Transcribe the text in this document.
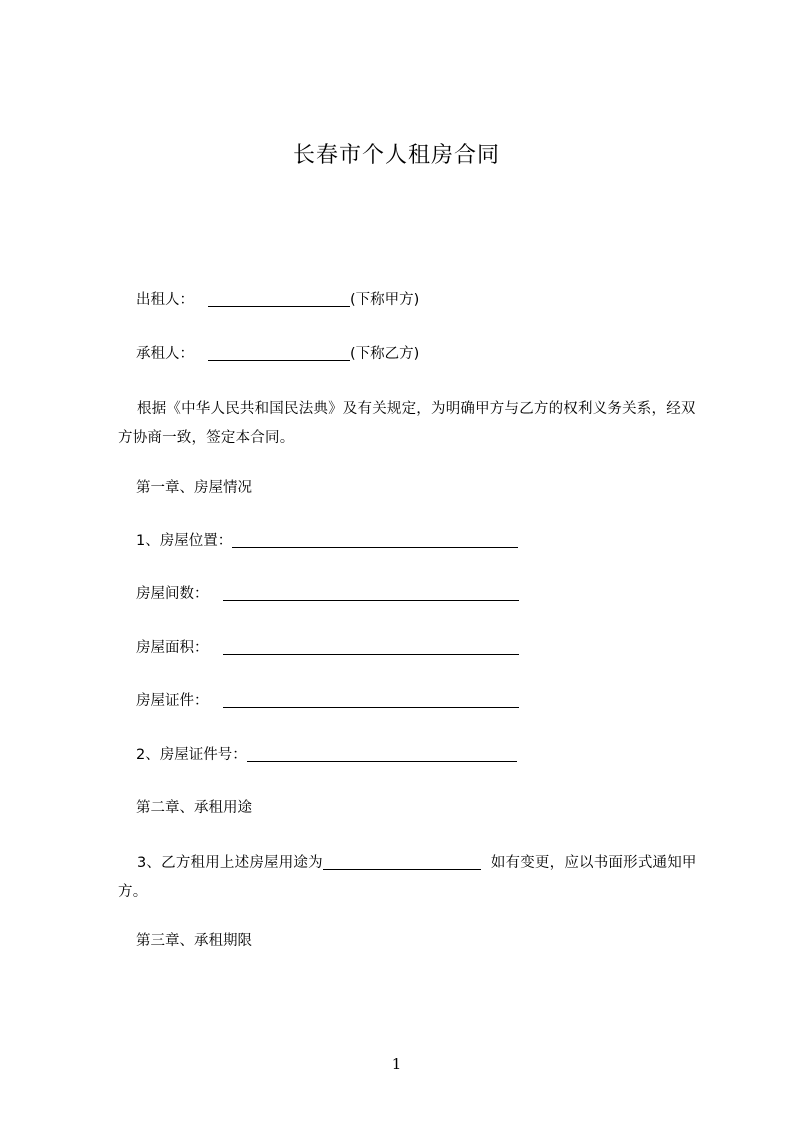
长春市个人租房合同
出租人：	(下称甲方)
承租人：	(下称乙方)
根据《中华人民共和国民法典》及有关规定，为明确甲方与乙方的权利义务关系，经双方协商一致，签定本合同。
第一章、房屋情况
1、房屋位置：
房屋间数：
房屋面积：
房屋证件：
2、房屋证件号：
第二章、承租用途
3、乙方租用上述房屋用途为	如有变更，应以书面形式通知甲方。
第三章、承租期限
1
